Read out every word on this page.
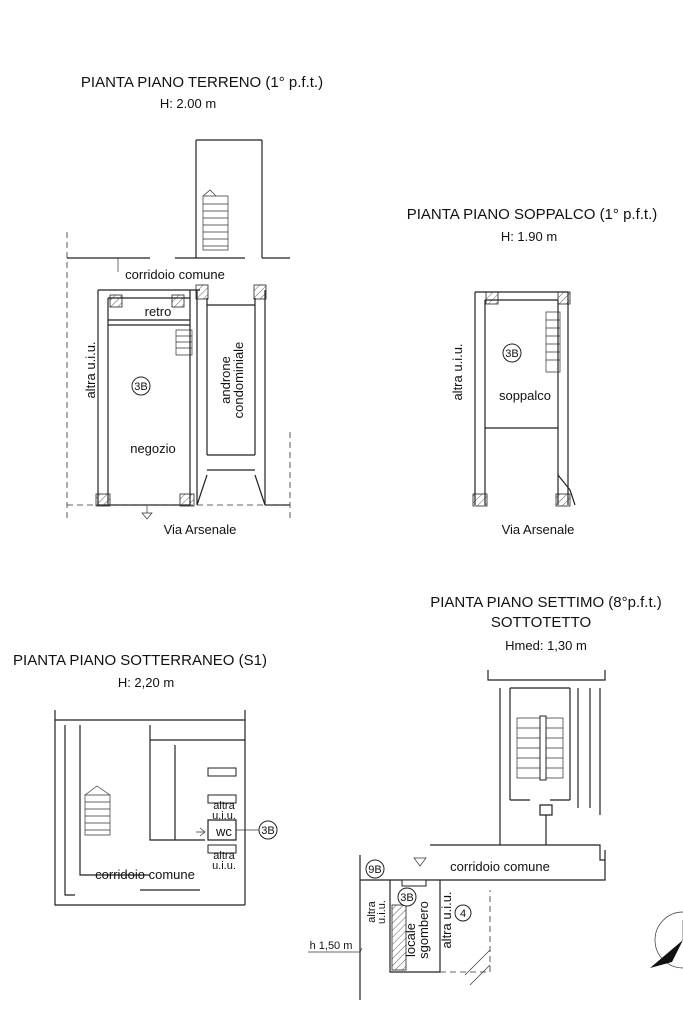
PIANTA PIANO TERRENO (1° p.f.t.)
H: 2.00 m
corridoio comune
retro
altra u.i.u.	3B
negozio
androne
condominiale
Via Arsenale
PIANTA PIANO SOPPALCO (1° p.f.t.)
H: 1.90 m
altra u.i.u.	3B
soppalco
Via Arsenale
PIANTA PIANO SOTTERRANEO (S1)
H: 2,20 m
altra
u.i.u.
wc	3B
altra
u.i.u.
corridoio comune
PIANTA PIANO SETTIMO (8°p.f.t.)
SOTTOTETTO
Hmed: 1,30 m
9B	corridoio comune
altra
u.i.u.
3B
locale
sgombero altra u.i.u. 4
h 1,50 m
